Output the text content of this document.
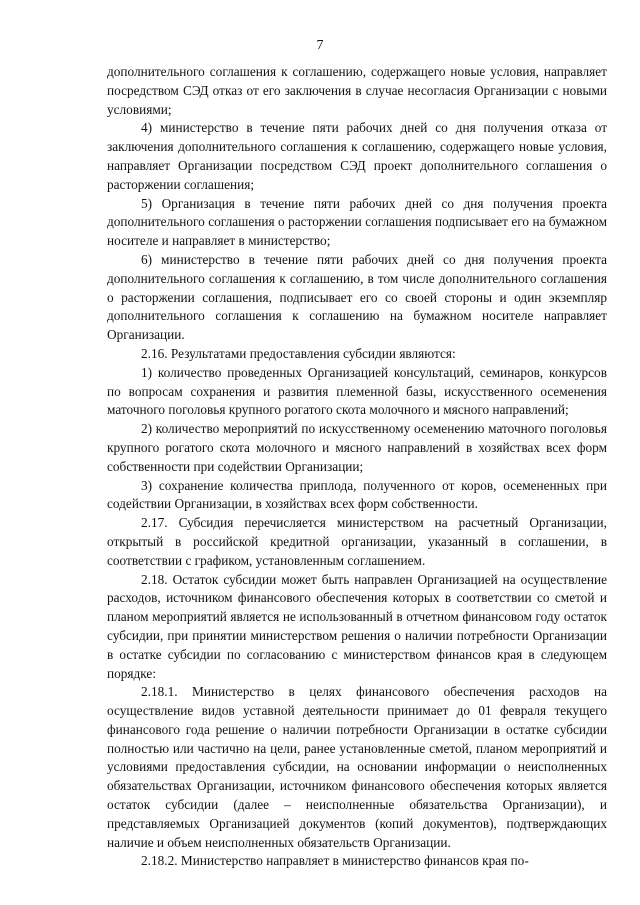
7

дополнительного соглашения к соглашению, содержащего новые условия, направляет посредством СЭД отказ от его заключения в случае несогласия Организации с новыми условиями;

4) министерство в течение пяти рабочих дней со дня получения отказа от заключения дополнительного соглашения к соглашению, содержащего новые условия, направляет Организации посредством СЭД проект дополнительного соглашения о расторжении соглашения;

5) Организация в течение пяти рабочих дней со дня получения проекта дополнительного соглашения о расторжении соглашения подписывает его на бумажном носителе и направляет в министерство;

6) министерство в течение пяти рабочих дней со дня получения проекта дополнительного соглашения к соглашению, в том числе дополнительного соглашения о расторжении соглашения, подписывает его со своей стороны и один экземпляр дополнительного соглашения к соглашению на бумажном носителе направляет Организации.

2.16. Результатами предоставления субсидии являются:

1) количество проведенных Организацией консультаций, семинаров, конкурсов по вопросам сохранения и развития племенной базы, искусственного осеменения маточного поголовья крупного рогатого скота молочного и мясного направлений;

2) количество мероприятий по искусственному осеменению маточного поголовья крупного рогатого скота молочного и мясного направлений в хозяйствах всех форм собственности при содействии Организации;

3) сохранение количества приплода, полученного от коров, осемененных при содействии Организации, в хозяйствах всех форм собственности.

2.17. Субсидия перечисляется министерством на расчетный Организации, открытый в российской кредитной организации, указанный в соглашении, в соответствии с графиком, установленным соглашением.

2.18. Остаток субсидии может быть направлен Организацией на осуществление расходов, источником финансового обеспечения которых в соответствии со сметой и планом мероприятий является не использованный в отчетном финансовом году остаток субсидии, при принятии министерством решения о наличии потребности Организации в остатке субсидии по согласованию с министерством финансов края в следующем порядке:

2.18.1. Министерство в целях финансового обеспечения расходов на осуществление видов уставной деятельности принимает до 01 февраля текущего финансового года решение о наличии потребности Организации в остатке субсидии полностью или частично на цели, ранее установленные сметой, планом мероприятий и условиями предоставления субсидии, на основании информации о неисполненных обязательствах Организации, источником финансового обеспечения которых является остаток субсидии (далее – неисполненные обязательства Организации), и представляемых Организацией документов (копий документов), подтверждающих наличие и объем неисполненных обязательств Организации.

2.18.2. Министерство направляет в министерство финансов края по-
